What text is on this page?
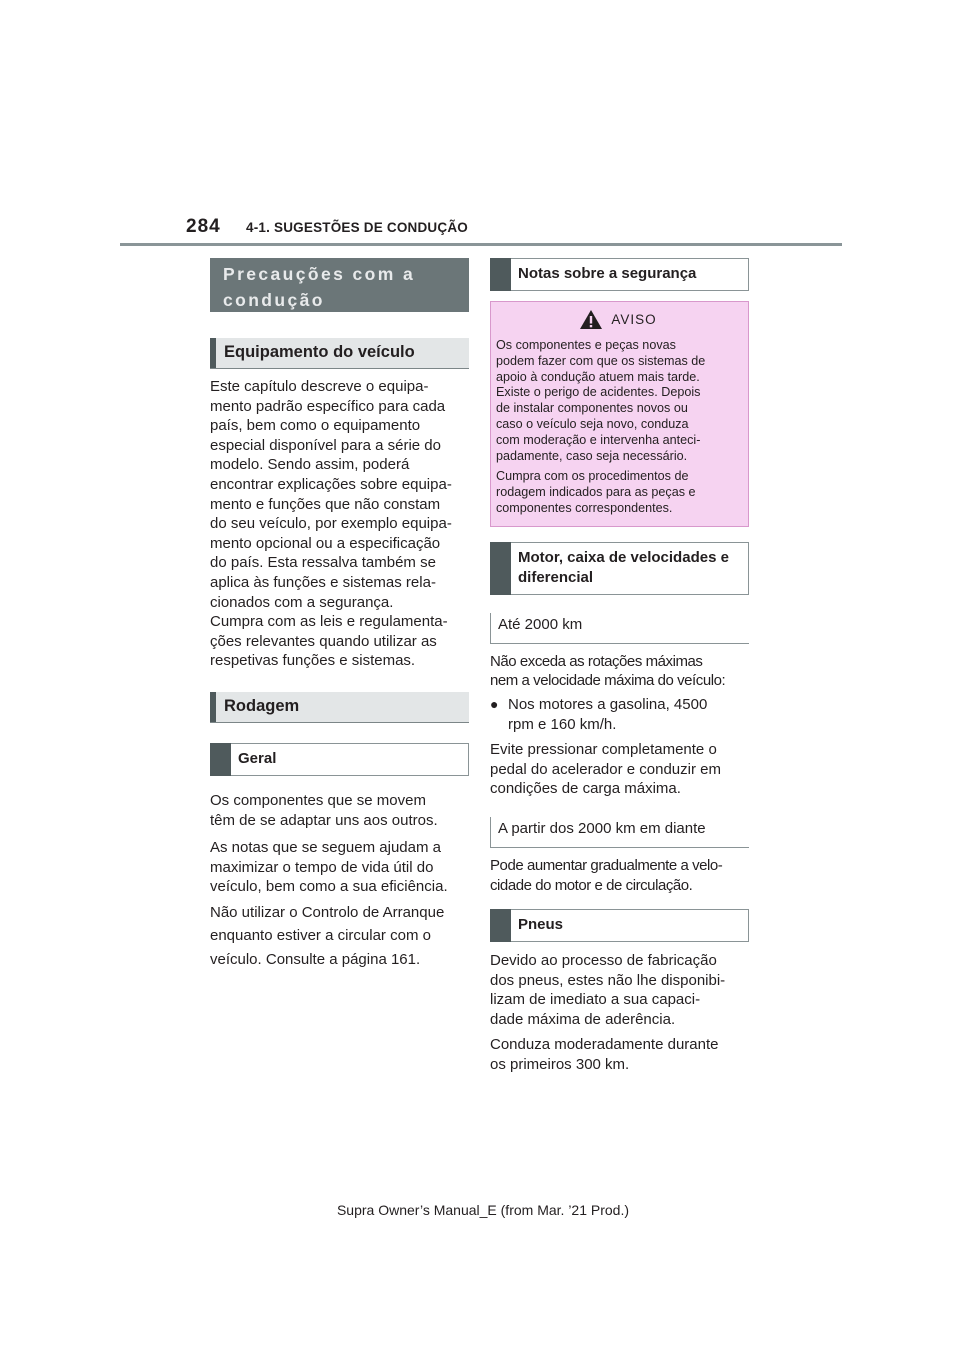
284 4-1. SUGESTÕES DE CONDUÇÃO
Precauções com a
condução
Equipamento do veículo

Este capítulo descreve o equipa-
mento padrão específico para cada
país, bem como o equipamento
especial disponível para a série do
modelo. Sendo assim, poderá
encontrar explicações sobre equipa-
mento e funções que não constam
do seu veículo, por exemplo equipa-
mento opcional ou a especificação
do país. Esta ressalva também se
aplica às funções e sistemas rela-
cionados com a segurança.
Cumpra com as leis e regulamenta-
ções relevantes quando utilizar as
respetivas funções e sistemas.

Rodagem
Geral

Os componentes que se movem
têm de se adaptar uns aos outros.

As notas que se seguem ajudam a
maximizar o tempo de vida útil do
veículo, bem como a sua eficiência.

Não utilizar o Controlo de Arranque
enquanto estiver a circular com o
veículo. Consulte a página 161.

Notas sobre a segurança
AVISO

Os componentes e peças novas
podem fazer com que os sistemas de
apoio à condução atuem mais tarde.
Existe o perigo de acidentes. Depois
de instalar componentes novos ou
caso o veículo seja novo, conduza
com moderação e intervenha anteci-
padamente, caso seja necessário.

Cumpra com os procedimentos de
rodagem indicados para as peças e
componentes correspondentes.

Motor, caixa de velocidades e
diferencial
Até 2000 km

Não exceda as rotações máximas
nem a velocidade máxima do veículo:

● Nos motores a gasolina, 4500
rpm e 160 km/h.

Evite pressionar completamente o
pedal do acelerador e conduzir em
condições de carga máxima.

A partir dos 2000 km em diante

Pode aumentar gradualmente a velo-
cidade do motor e de circulação.

Pneus

Devido ao processo de fabricação
dos pneus, estes não lhe disponibi-
lizam de imediato a sua capaci-
dade máxima de aderência.

Conduza moderadamente durante
os primeiros 300 km.

Supra Owner’s Manual_E (from Mar. ’21 Prod.)
